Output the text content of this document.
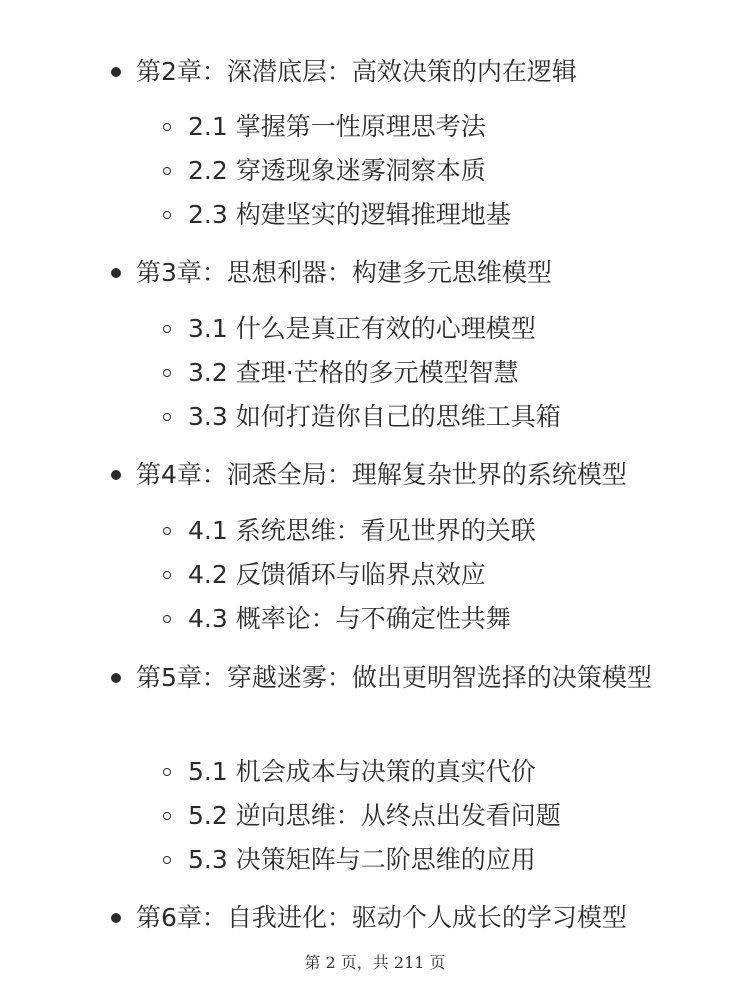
第2章：深潜底层：高效决策的内在逻辑
2.1 掌握第一性原理思考法
2.2 穿透现象迷雾洞察本质
2.3 构建坚实的逻辑推理地基
第3章：思想利器：构建多元思维模型
3.1 什么是真正有效的心理模型
3.2 查理·芒格的多元模型智慧
3.3 如何打造你自己的思维工具箱
第4章：洞悉全局：理解复杂世界的系统模型
4.1 系统思维：看见世界的关联
4.2 反馈循环与临界点效应
4.3 概率论：与不确定性共舞
第5章：穿越迷雾：做出更明智选择的决策模型
5.1 机会成本与决策的真实代价
5.2 逆向思维：从终点出发看问题
5.3 决策矩阵与二阶思维的应用
第6章：自我进化：驱动个人成长的学习模型
第 2 页，共 211 页
